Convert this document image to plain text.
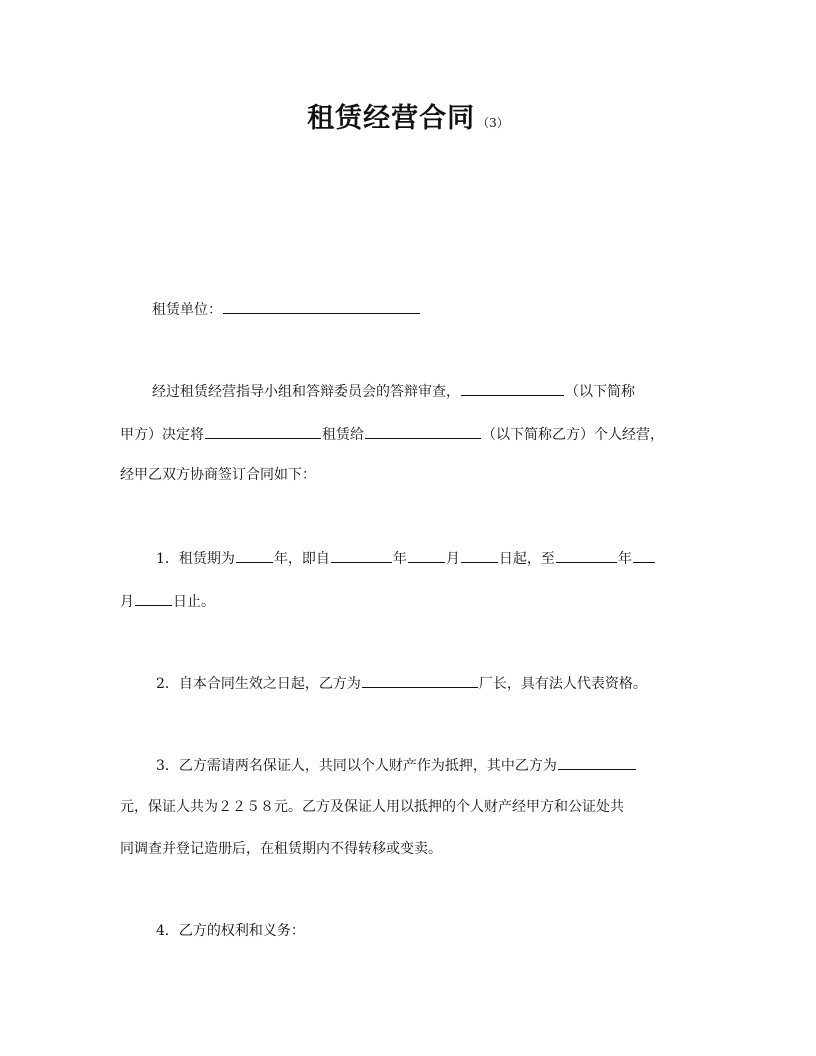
租赁经营合同 （3）
租赁单位：
经过租赁经营指导小组和答辩委员会的答辩审查，	（以下简称
甲方）决定将	租赁给	（以下简称乙方）个人经营，
经甲乙双方协商签订合同如下：
1．租赁期为	年，即自	年	月	日起，至	年
月	日止。
2．自本合同生效之日起，乙方为	厂长，具有法人代表资格。
3．乙方需请两名保证人，共同以个人财产作为抵押，其中乙方为
元，保证人共为２２５８元。乙方及保证人用以抵押的个人财产经甲方和公证处共
同调查并登记造册后，在租赁期内不得转移或变卖。
4．乙方的权利和义务：
